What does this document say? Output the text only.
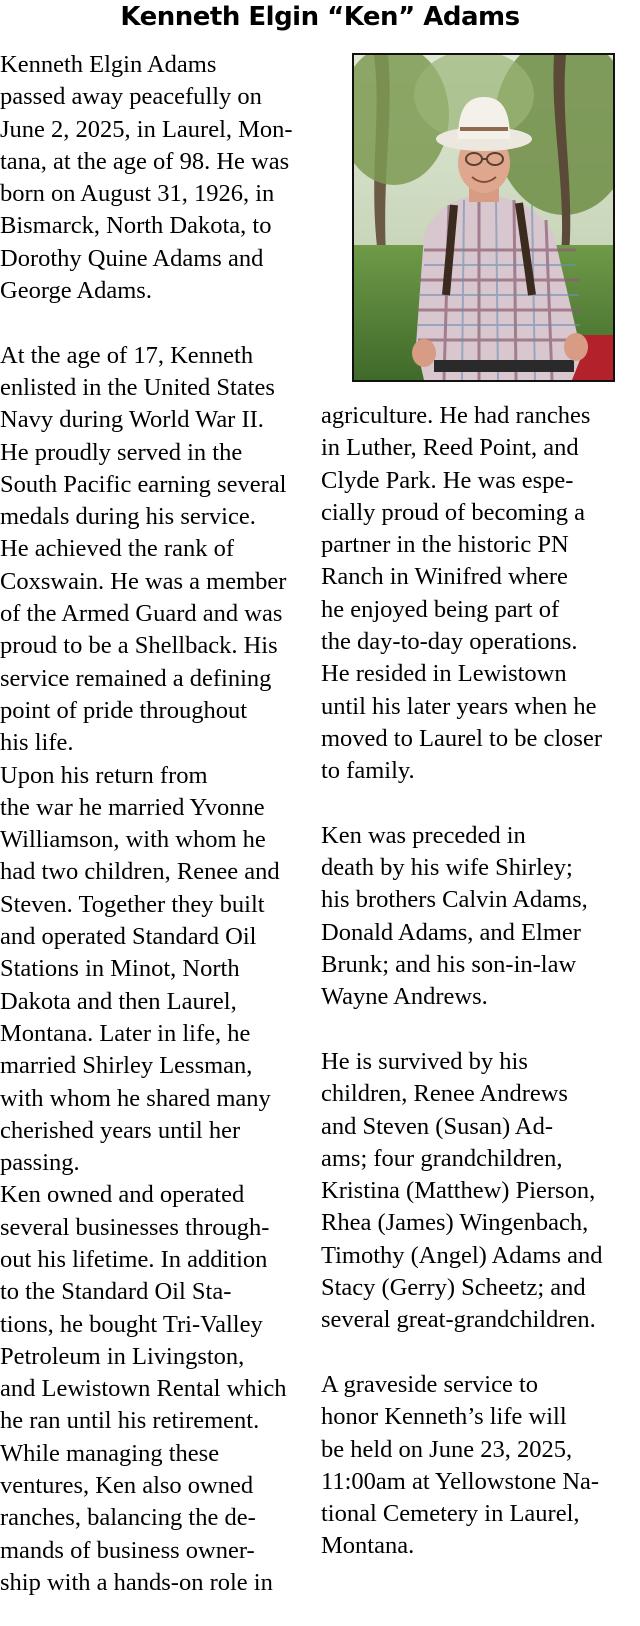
Kenneth Elgin “Ken” Adams
Kenneth Elgin Adams
passed away peacefully on
June 2, 2025, in Laurel, Mon-
tana, at the age of 98. He was
born on August 31, 1926, in
Bismarck, North Dakota, to
Dorothy Quine Adams and
George Adams.
At the age of 17, Kenneth
enlisted in the United States
Navy during World War II.
He proudly served in the
South Pacific earning several
medals during his service.
He achieved the rank of
Coxswain. He was a member
of the Armed Guard and was
proud to be a Shellback. His
service remained a defining
point of pride throughout
his life.
Upon his return from
the war he married Yvonne
Williamson, with whom he
had two children, Renee and
Steven. Together they built
and operated Standard Oil
Stations in Minot, North
Dakota and then Laurel,
Montana. Later in life, he
married Shirley Lessman,
with whom he shared many
cherished years until her
passing.
Ken owned and operated
several businesses through-
out his lifetime. In addition
to the Standard Oil Sta-
tions, he bought Tri-Valley
Petroleum in Livingston,
and Lewistown Rental which
he ran until his retirement.
While managing these
ventures, Ken also owned
ranches, balancing the de-
mands of business owner-
ship with a hands-on role in
agriculture. He had ranches
in Luther, Reed Point, and
Clyde Park. He was espe-
cially proud of becoming a
partner in the historic PN
Ranch in Winifred where
he enjoyed being part of
the day-to-day operations.
He resided in Lewistown
until his later years when he
moved to Laurel to be closer
to family.
Ken was preceded in
death by his wife Shirley;
his brothers Calvin Adams,
Donald Adams, and Elmer
Brunk; and his son-in-law
Wayne Andrews.
He is survived by his
children, Renee Andrews
and Steven (Susan) Ad-
ams; four grandchildren,
Kristina (Matthew) Pierson,
Rhea (James) Wingenbach,
Timothy (Angel) Adams and
Stacy (Gerry) Scheetz; and
several great-grandchildren.
A graveside service to
honor Kenneth’s life will
be held on June 23, 2025,
11:00am at Yellowstone Na-
tional Cemetery in Laurel,
Montana.
